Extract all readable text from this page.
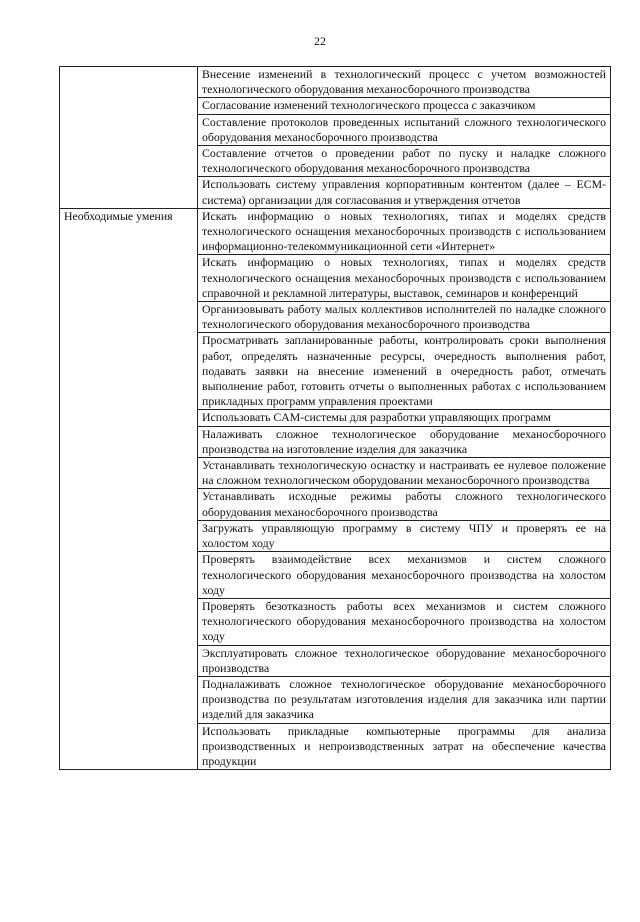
22
	Внесение изменений в технологический процесс с учетом возможностей технологического оборудования механосборочного производства
	Согласование изменений технологического процесса с заказчиком
	Составление протоколов проведенных испытаний сложного технологического оборудования механосборочного производства
	Составление отчетов о проведении работ по пуску и наладке сложного технологического оборудования механосборочного производства
	Использовать систему управления корпоративным контентом (далее – ECM-система) организации для согласования и утверждения отчетов
Необходимые умения	Искать информацию о новых технологиях, типах и моделях средств технологического оснащения механосборочных производств с использованием информационно-телекоммуникационной сети «Интернет»
	Искать информацию о новых технологиях, типах и моделях средств технологического оснащения механосборочных производств с использованием справочной и рекламной литературы, выставок, семинаров и конференций
	Организовывать работу малых коллективов исполнителей по наладке сложного технологического оборудования механосборочного производства
	Просматривать запланированные работы, контролировать сроки выполнения работ, определять назначенные ресурсы, очередность выполнения работ, подавать заявки на внесение изменений в очередность работ, отмечать выполнение работ, готовить отчеты о выполненных работах с использованием прикладных программ управления проектами
	Использовать CAM-системы для разработки управляющих программ
	Налаживать сложное технологическое оборудование механосборочного производства на изготовление изделия для заказчика
	Устанавливать технологическую оснастку и настраивать ее нулевое положение на сложном технологическом оборудовании механосборочного производства
	Устанавливать исходные режимы работы сложного технологического оборудования механосборочного производства
	Загружать управляющую программу в систему ЧПУ и проверять ее на холостом ходу
	Проверять взаимодействие всех механизмов и систем сложного технологического оборудования механосборочного производства на холостом ходу
	Проверять безотказность работы всех механизмов и систем сложного технологического оборудования механосборочного производства на холостом ходу
	Эксплуатировать сложное технологическое оборудование механосборочного производства
	Подналаживать сложное технологическое оборудование механосборочного производства по результатам изготовления изделия для заказчика или партии изделий для заказчика
	Использовать прикладные компьютерные программы для анализа производственных и непроизводственных затрат на обеспечение качества продукции
